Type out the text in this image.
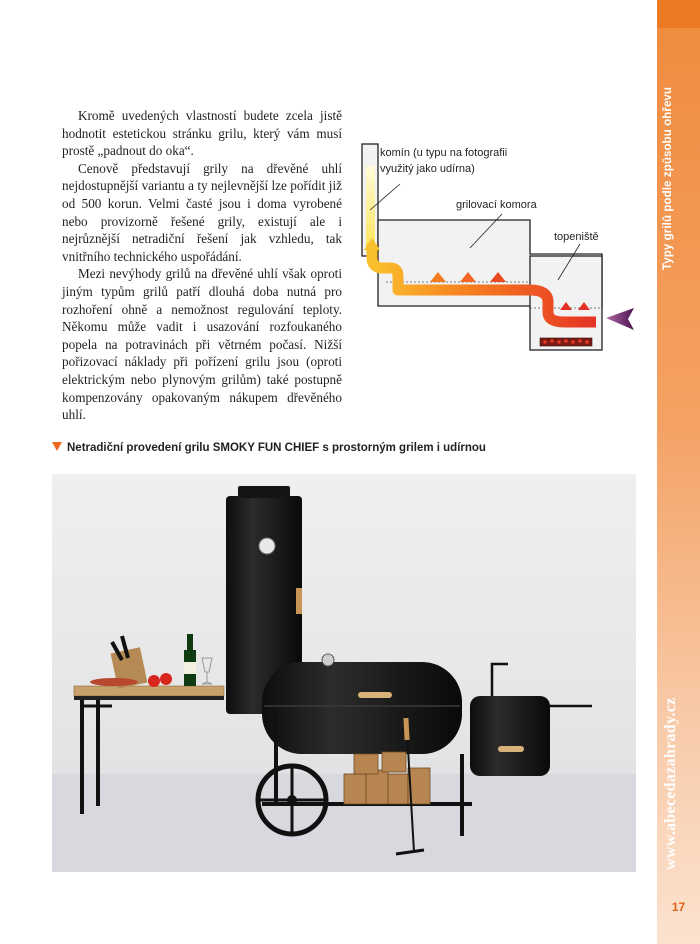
Typy grilů podle způsobu ohřevu
www.abecedazahrady.cz
17

Kromě uvedených vlastností budete zcela jistě hodnotit estetickou stránku grilu, který vám musí prostě „padnout do oka“.

Cenově představují grily na dřevěné uhlí nejdostupnější variantu a ty nejlevnější lze pořídit již od 500 korun. Velmi časté jsou i doma vyrobené nebo provizorně řešené grily, existují ale i nejrůznější netradiční řešení jak vzhledu, tak vnitřního technického uspořádání.

Mezi nevýhody grilů na dřevěné uhlí však oproti jiným typům grilů patří dlouhá doba nutná pro rozhoření ohně a nemožnost regulování teploty. Někomu může vadit i usazování rozfoukaného popela na potravinách při větrném počasí. Nižší pořizovací náklady při pořízení grilu jsou (oproti elektrickým nebo plynovým grilům) také postupně kompenzovány opakovaným nákupem dřevěného uhlí.

komín (u typu na fotografii
využitý jako udírna)
grilovací komora
topeniště
Netradiční provedení grilu SMOKY FUN CHIEF s prostorným grilem i udírnou
